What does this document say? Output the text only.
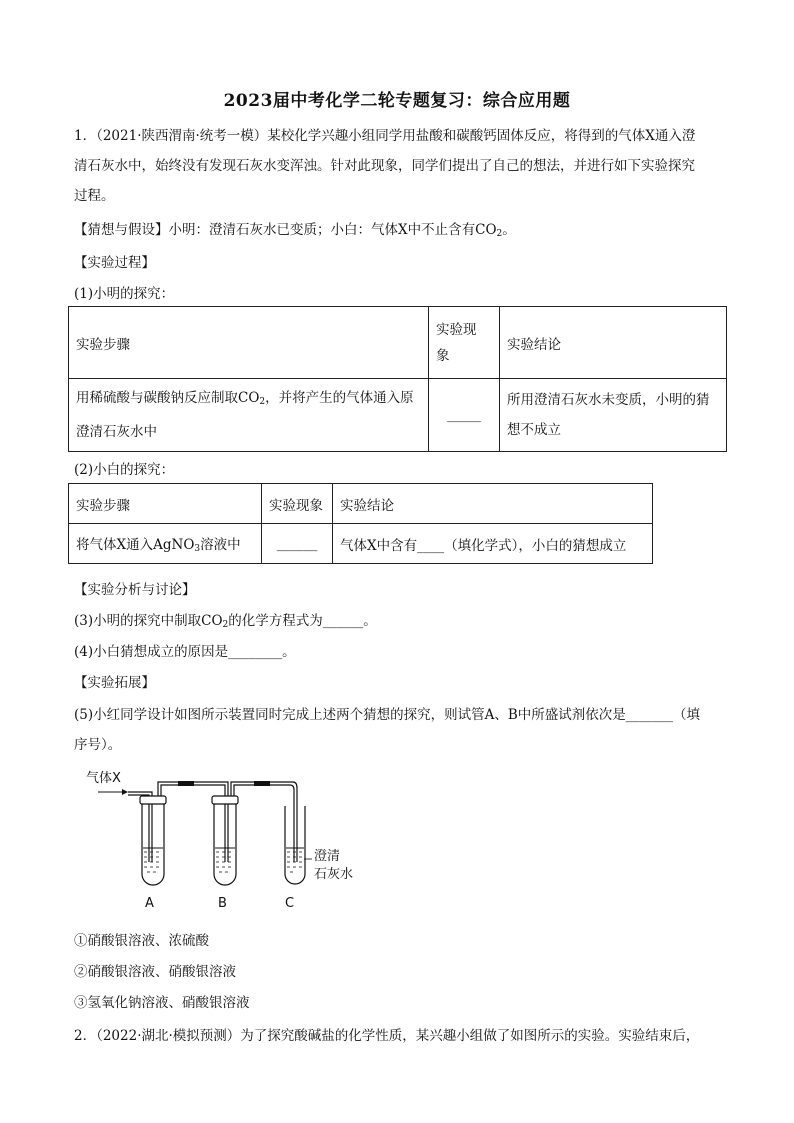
2023届中考化学二轮专题复习：综合应用题
1．（2021·陕西渭南·统考一模）某校化学兴趣小组同学用盐酸和碳酸钙固体反应，将得到的气体X通入澄
清石灰水中，始终没有发现石灰水变浑浊。针对此现象，同学们提出了自己的想法，并进行如下实验探究
过程。
【猜想与假设】小明：澄清石灰水已变质；小白：气体X中不止含有$CO_2$。
【实验过程】
(1)小明的探究：
实验步骤	实验现
象	实验结论
用稀硫酸与碳酸钠反应制取$CO_2$，并将产生的气体通入原
澄清石灰水中	_____	所用澄清石灰水未变质，小明的猜
想不成立
(2)小白的探究：
实验步骤	实验现象	实验结论
将气体X通入AgNO$_3$溶液中	______	气体X中含有____（填化学式），小白的猜想成立
【实验分析与讨论】
(3)小明的探究中制取$CO_2$的化学方程式为______。
(4)小白猜想成立的原因是________。
【实验拓展】
(5)小红同学设计如图所示装置同时完成上述两个猜想的探究，则试管A、B中所盛试剂依次是_______（填
序号）。
气体X
澄清
石灰水
A	B	C
①硝酸银溶液、浓硫酸
②硝酸银溶液、硝酸银溶液
③氢氧化钠溶液、硝酸银溶液
2．（2022·湖北·模拟预测）为了探究酸碱盐的化学性质，某兴趣小组做了如图所示的实验。实验结束后，
